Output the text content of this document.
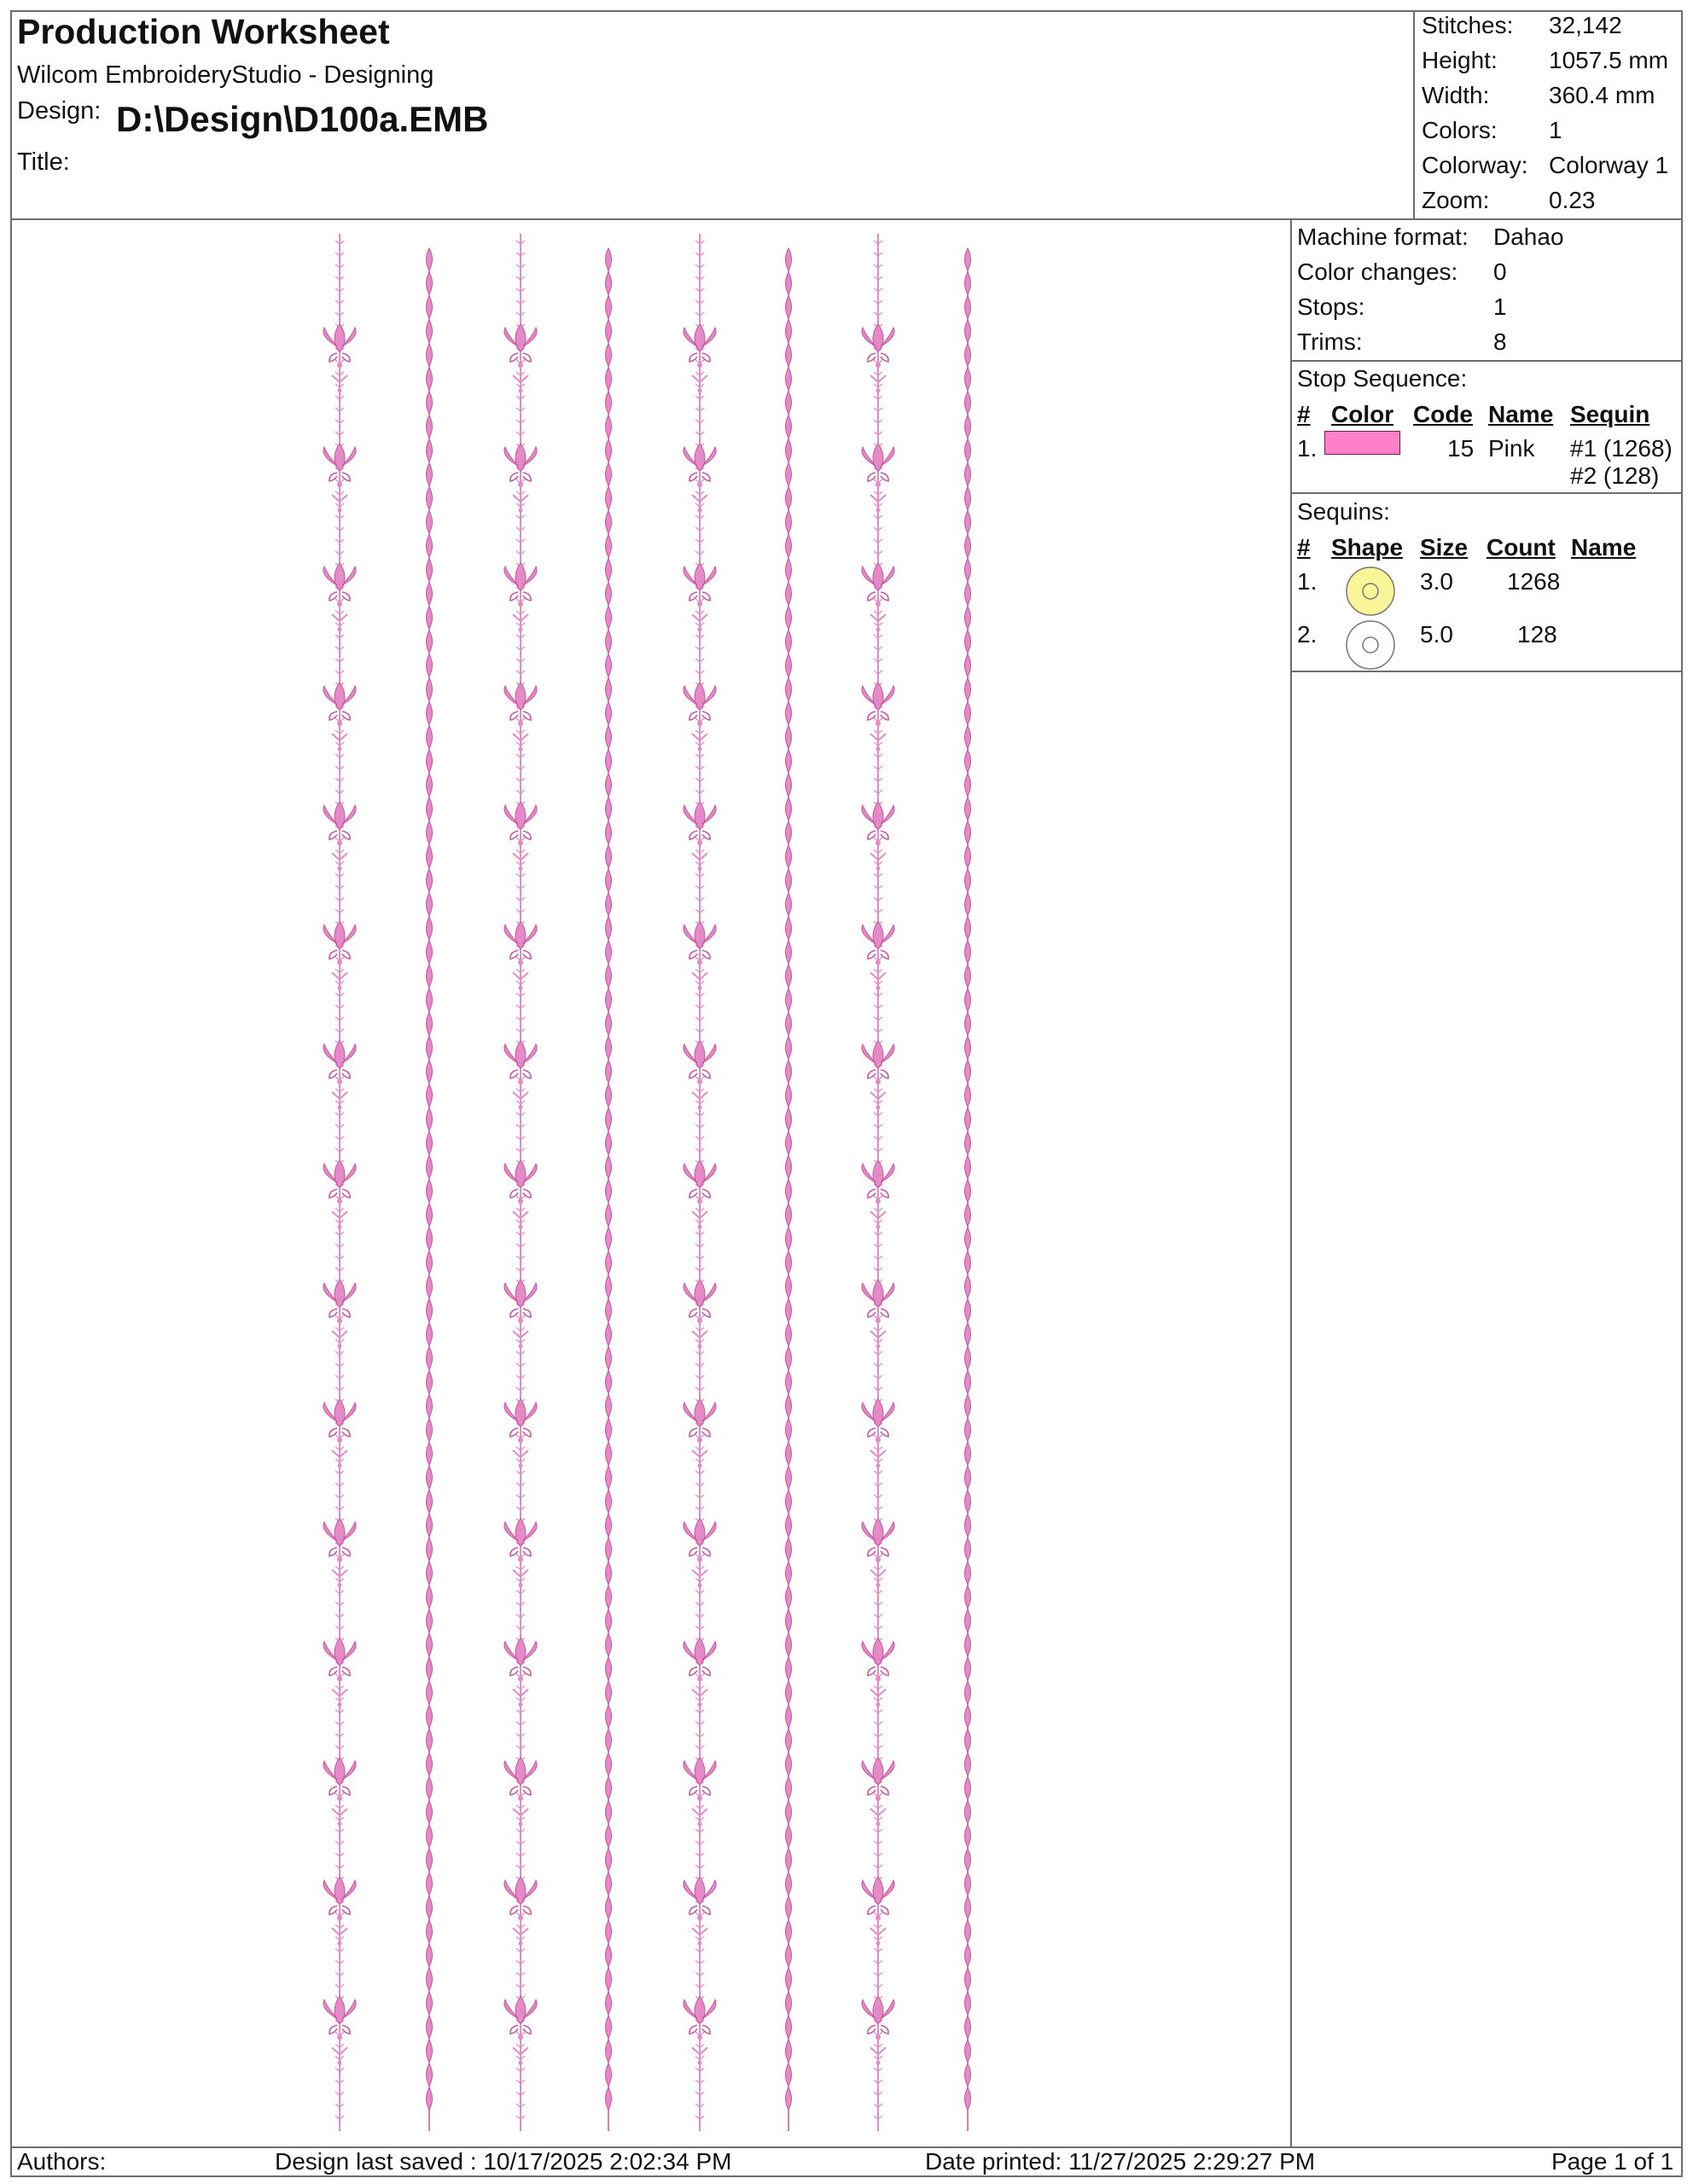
Production Worksheet
Wilcom EmbroideryStudio - Designing
Design: D:\Design\D100a.EMB
Title:
Stitches: 32,142
Height: 1057.5 mm
Width: 360.4 mm
Colors: 1
Colorway: Colorway 1
Zoom: 0.23
Machine format: Dahao
Color changes: 0
Stops:	1
Trims:	8
Stop Sequence:
# Color Code Name Sequin
1.	15 Pink #1 (1268)
#2 (128)
Sequins:
# Shape Size Count Name
1.	3.0 1268
2.	5.0	128
Authors:	Design last saved : 10/17/2025 2:02:34 PM	Date printed: 11/27/2025 2:29:27 PM	Page 1 of 1
